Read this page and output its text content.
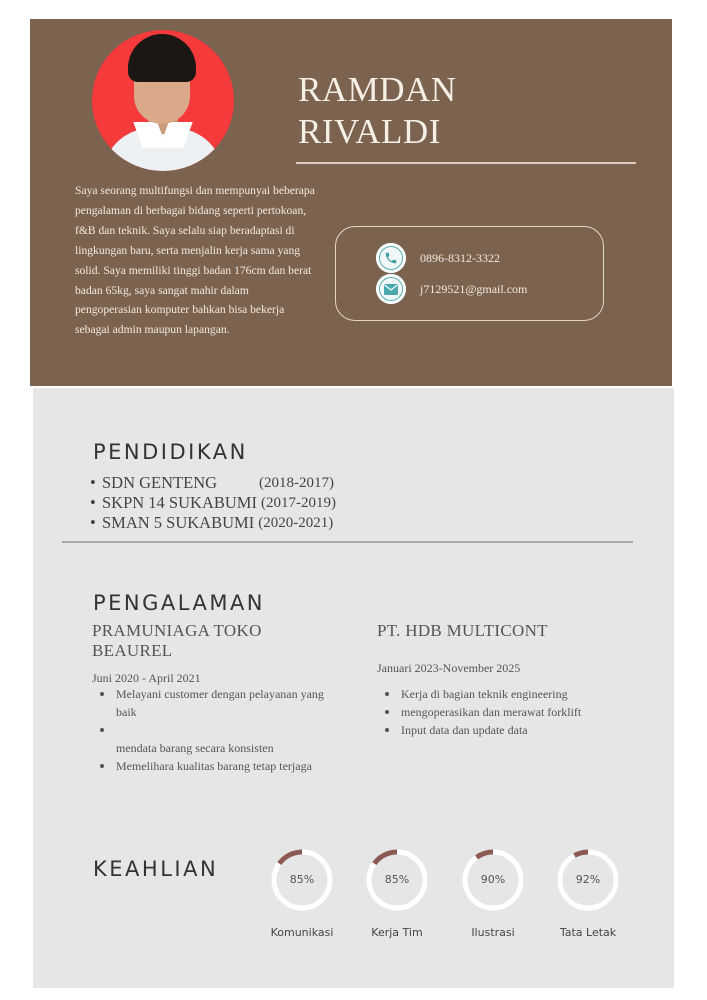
RAMDAN
RIVALDI

Saya seorang multifungsi dan mempunyai beberapa pengalaman di berbagai bidang seperti pertokoan, f&B dan teknik. Saya selalu siap beradaptasi di lingkungan baru, serta menjalin kerja sama yang solid. Saya memiliki tinggi badan 176cm dan berat badan 65kg, saya sangat mahir dalam pengoperasian komputer bahkan bisa bekerja sebagai admin maupun lapangan.

0896-8312-3322
j7129521@gmail.com
PENDIDIKAN
• SDN GENTENG	(2018-2017)
• SKPN 14 SUKABUMI (2017-2019)
• SMAN 5 SUKABUMI (2020-2021)
PENGALAMAN
PRAMUNIAGA TOKO BEAUREL
Juni 2020 - April 2021
Melayani customer dengan pelayanan yang baik
mendata barang secara konsisten
Memelihara kualitas barang tetap terjaga
PT. HDB MULTICONT
Januari 2023-November 2025
Kerja di bagian teknik engineering
mengoperasikan dan merawat forklift
Input data dan update data
KEAHLIAN	85%
Komunikasi
85%
Kerja Tim
90%
Ilustrasi
92%
Tata Letak
